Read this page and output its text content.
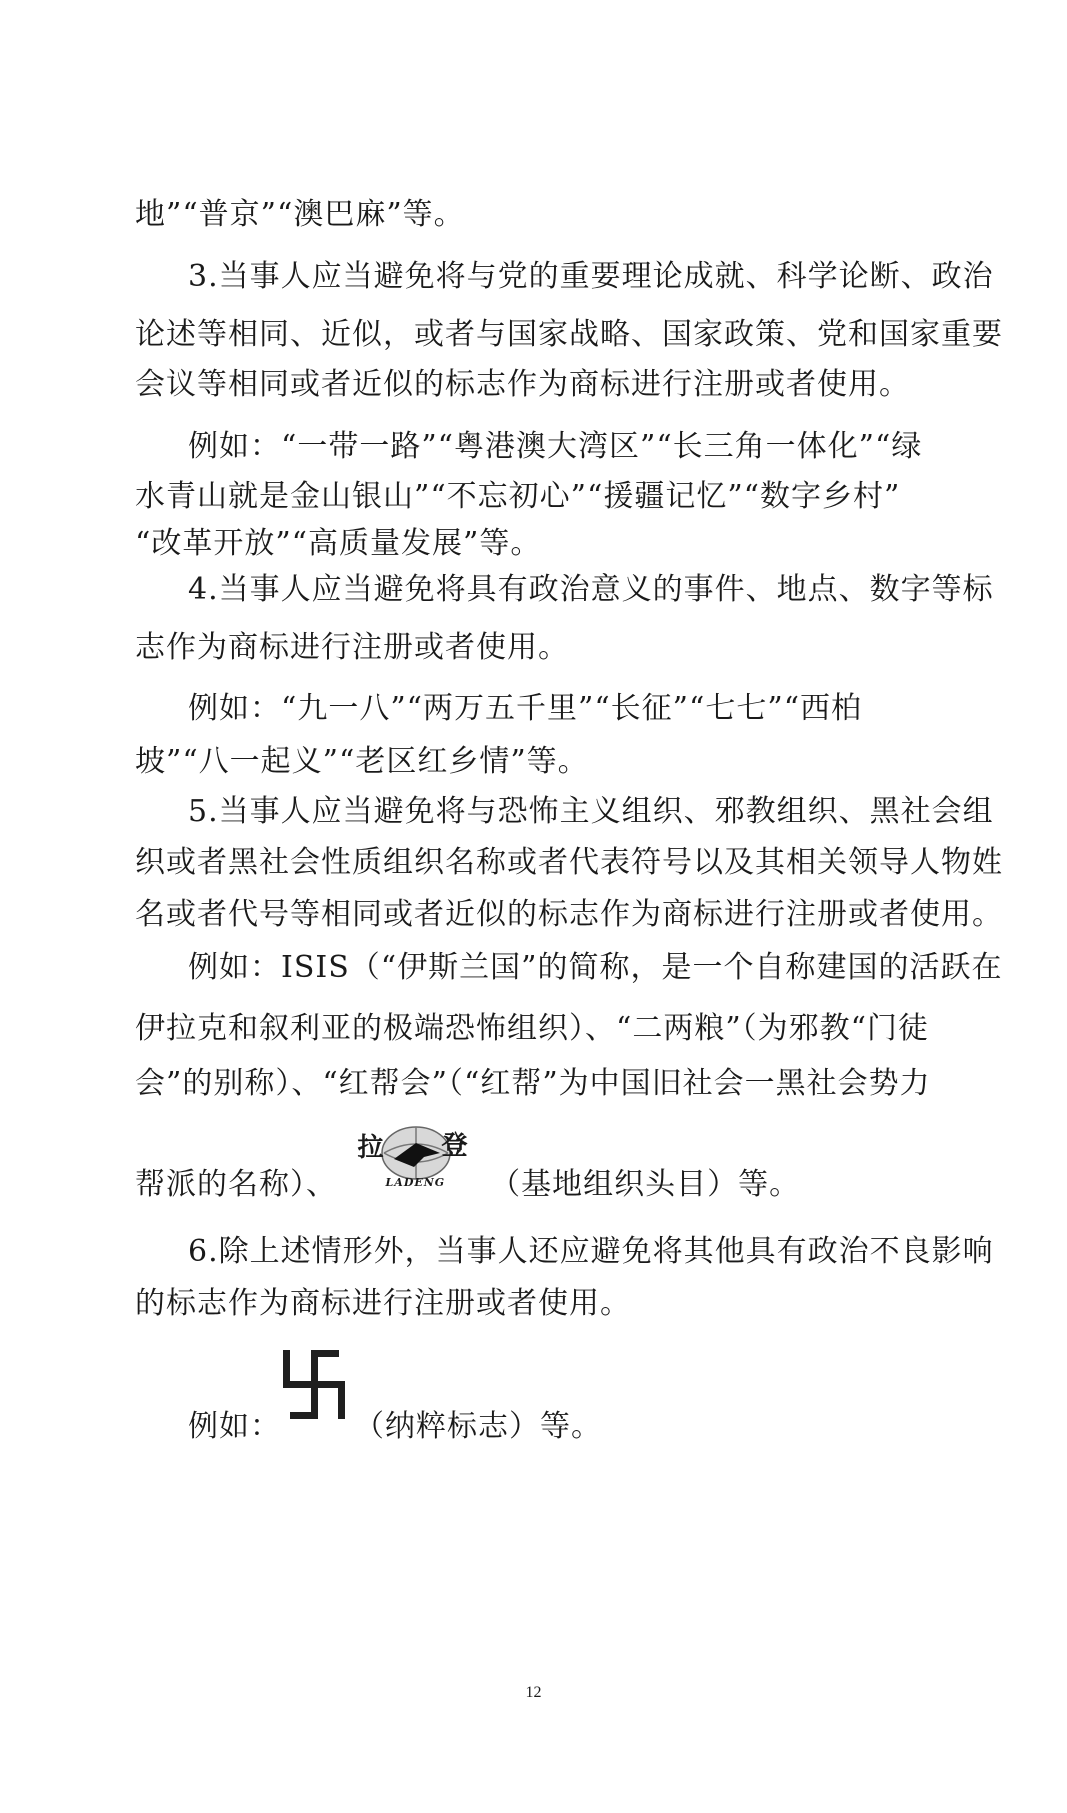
地”“普京”“澳巴麻”等。
3.当事人应当避免将与党的重要理论成就、科学论断、政治
论述等相同、近似，或者与国家战略、国家政策、党和国家重要
会议等相同或者近似的标志作为商标进行注册或者使用。
例如：“一带一路”“粤港澳大湾区”“长三角一体化”“绿
水青山就是金山银山”“不忘初心”“援疆记忆”“数字乡村”
“改革开放”“高质量发展”等。
4.当事人应当避免将具有政治意义的事件、地点、数字等标
志作为商标进行注册或者使用。
例如：“九一八”“两万五千里”“长征”“七七”“西柏
坡”“八一起义”“老区红乡情”等。
5.当事人应当避免将与恐怖主义组织、邪教组织、黑社会组
织或者黑社会性质组织名称或者代表符号以及其相关领导人物姓
名或者代号等相同或者近似的标志作为商标进行注册或者使用。
例如：ISIS（“伊斯兰国”的简称，是一个自称建国的活跃在
伊拉克和叙利亚的极端恐怖组织）、“二两粮”（为邪教“门徒
会”的别称）、“红帮会”（“红帮”为中国旧社会一黑社会势力
帮派的名称）、
拉 登
LADENG （基地组织头目）等。
6.除上述情形外，当事人还应避免将其他具有政治不良影响
的标志作为商标进行注册或者使用。
例如： （纳粹标志）等。
12
